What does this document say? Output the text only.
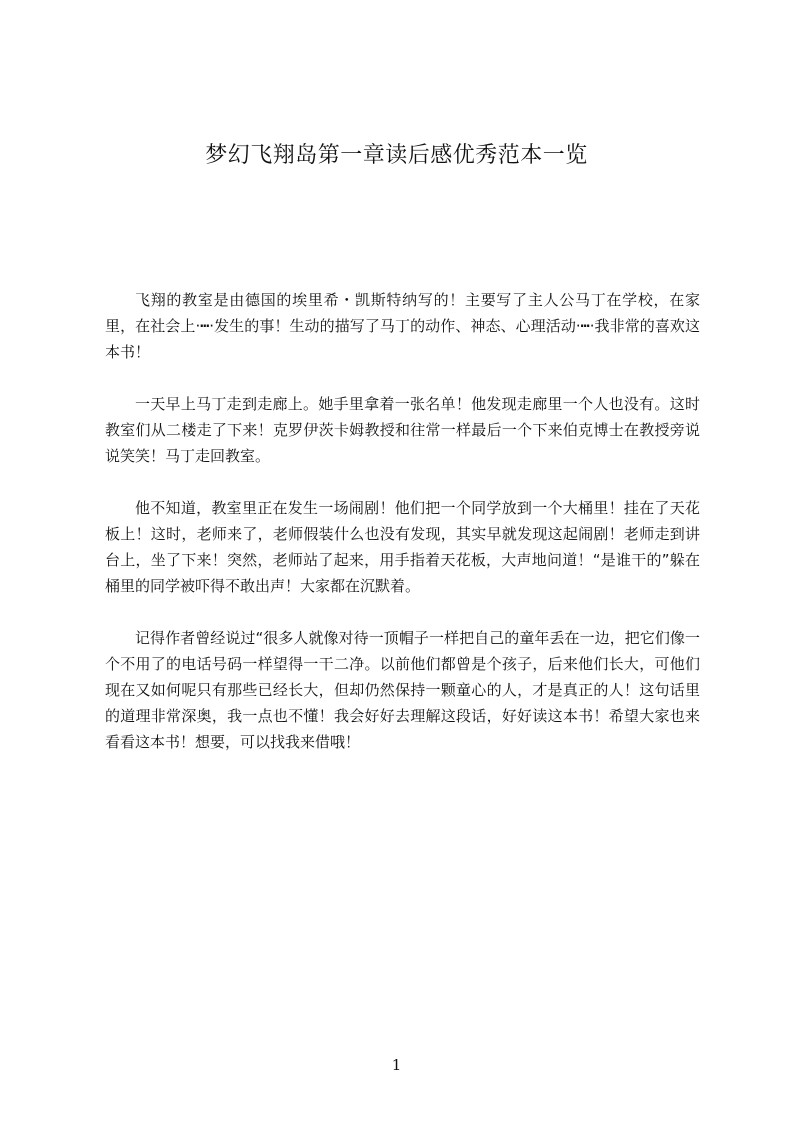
梦幻飞翔岛第一章读后感优秀范本一览

飞翔的教室是由德国的埃里希・凯斯特纳写的！主要写了主人公马丁在学校，在家里，在社会上·┅·发生的事！生动的描写了马丁的动作、神态、心理活动·┅·我非常的喜欢这本书！

一天早上马丁走到走廊上。她手里拿着一张名单！他发现走廊里一个人也没有。这时教室们从二楼走了下来！克罗伊茨卡姆教授和往常一样最后一个下来伯克博士在教授旁说说笑笑！马丁走回教室。

他不知道，教室里正在发生一场闹剧！他们把一个同学放到一个大桶里！挂在了天花板上！这时，老师来了，老师假装什么也没有发现，其实早就发现这起闹剧！老师走到讲台上，坐了下来！突然，老师站了起来，用手指着天花板，大声地问道！“是谁干的”躲在桶里的同学被吓得不敢出声！大家都在沉默着。

记得作者曾经说过“很多人就像对待一顶帽子一样把自己的童年丢在一边，把它们像一个不用了的电话号码一样望得一干二净。以前他们都曾是个孩子，后来他们长大，可他们现在又如何呢只有那些已经长大，但却仍然保持一颗童心的人，才是真正的人！这句话里的道理非常深奥，我一点也不懂！我会好好去理解这段话，好好读这本书！希望大家也来看看这本书！想要，可以找我来借哦！

1
